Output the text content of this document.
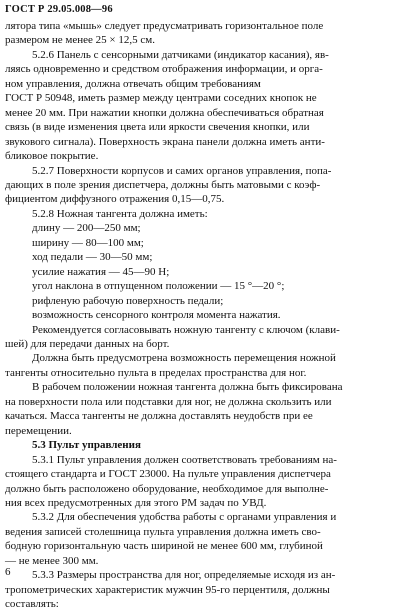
ГОСТ Р 29.05.008—96
лятора типа «мышь» следует предусматривать горизонтальное поле
размером не менее 25 × 12,5 см.
5.2.6 Панель с сенсорными датчиками (индикатор касания), яв-
ляясь одновременно и средством отображения информации, и орга-
ном управления, должна отвечать общим требованиям
ГОСТ Р 50948, иметь размер между центрами соседних кнопок не
менее 20 мм. При нажатии кнопки должна обеспечиваться обратная
связь (в виде изменения цвета или яркости свечения кнопки, или
звукового сигнала). Поверхность экрана панели должна иметь анти-
бликовое покрытие.
5.2.7 Поверхности корпусов и самих органов управления, попа-
дающих в поле зрения диспетчера, должны быть матовыми с коэф-
фициентом диффузного отражения 0,15—0,75.
5.2.8 Ножная тангента должна иметь:
длину — 200—250 мм;
ширину — 80—100 мм;
ход педали — 30—50 мм;
усилие нажатия — 45—90 Н;
угол наклона в отпущенном положении — 15 °—20 °;
рифленую рабочую поверхность педали;
возможность сенсорного контроля момента нажатия.
Рекомендуется согласовывать ножную тангенту с ключом (клави-
шей) для передачи данных на борт.
Должна быть предусмотрена возможность перемещения ножной
тангенты относительно пульта в пределах пространства для ног.
В рабочем положении ножная тангента должна быть фиксирована
на поверхности пола или подставки для ног, не должна скользить или
качаться. Масса тангенты не должна доставлять неудобств при ее
перемещении.
5.3 Пульт управления
5.3.1 Пульт управления должен соответствовать требованиям на-
стоящего стандарта и ГОСТ 23000. На пульте управления диспетчера
должно быть расположено оборудование, необходимое для выполне-
ния всех предусмотренных для этого РМ задач по УВД.
5.3.2 Для обеспечения удобства работы с органами управления и
ведения записей столешница пульта управления должна иметь сво-
бодную горизонтальную часть шириной не менее 600 мм, глубиной
— не менее 300 мм.
5.3.3 Размеры пространства для ног, определяемые исходя из ан-
тропометрических характеристик мужчин 95-го перцентиля, должны
составлять:
6
